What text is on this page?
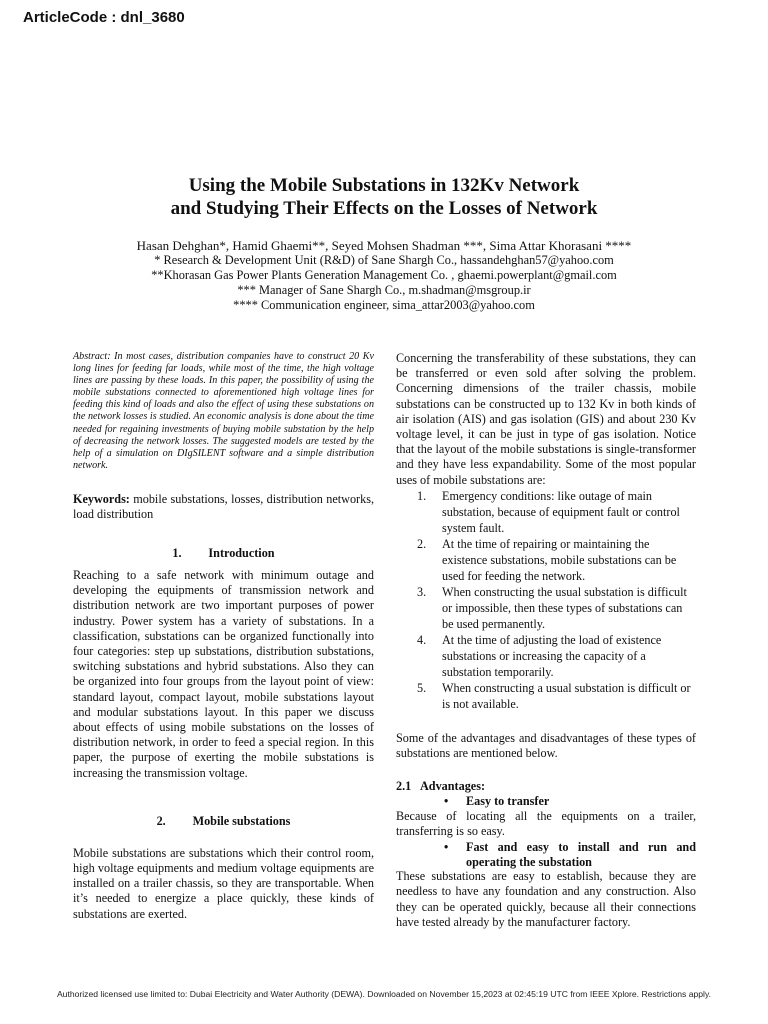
ArticleCode : dnl_3680
Using the Mobile Substations in 132Kv Network
and Studying Their Effects on the Losses of Network
Hasan Dehghan*, Hamid Ghaemi**, Seyed Mohsen Shadman ***, Sima Attar Khorasani ****
* Research & Development Unit (R&D) of Sane Shargh Co., hassandehghan57@yahoo.com
**Khorasan Gas Power Plants Generation Management Co. , ghaemi.powerplant@gmail.com
*** Manager of Sane Shargh Co., m.shadman@msgroup.ir
**** Communication engineer, sima_attar2003@yahoo.com
Abstract: In most cases, distribution companies have to construct 20 Kv long lines for feeding far loads, while most of the time, the high voltage lines are passing by these loads. In this paper, the possibility of using the mobile substations connected to aforementioned high voltage lines for feeding this kind of loads and also the effect of using these substations on the network losses is studied. An economic analysis is done about the time needed for regaining investments of buying mobile substation by the help of decreasing the network losses. The suggested models are tested by the help of a simulation on DIgSILENT software and a simple distribution network.
Keywords: mobile substations, losses, distribution networks, load distribution
1. Introduction
Reaching to a safe network with minimum outage and developing the equipments of transmission network and distribution network are two important purposes of power industry. Power system has a variety of substations. In a classification, substations can be organized functionally into four categories: step up substations, distribution substations, switching substations and hybrid substations. Also they can be organized into four groups from the layout point of view: standard layout, compact layout, mobile substations layout and modular substations layout. In this paper we discuss about effects of using mobile substations on the losses of distribution network, in order to feed a special region. In this paper, the purpose of exerting the mobile substations is increasing the transmission voltage.
2. Mobile substations
Mobile substations are substations which their control room, high voltage equipments and medium voltage equipments are installed on a trailer chassis, so they are transportable. When it’s needed to energize a place quickly, these kinds of substations are exerted.
Concerning the transferability of these substations, they can be transferred or even sold after solving the problem. Concerning dimensions of the trailer chassis, mobile substations can be constructed up to 132 Kv in both kinds of air isolation (AIS) and gas isolation (GIS) and about 230 Kv voltage level, it can be just in type of gas isolation. Notice that the layout of the mobile substations is single-transformer and they have less expandability. Some of the most popular uses of mobile substations are:
1. Emergency conditions: like outage of main substation, because of equipment fault or control system fault.
2. At the time of repairing or maintaining the existence substations, mobile substations can be used for feeding the network.
3. When constructing the usual substation is difficult or impossible, then these types of substations can be used permanently.
4. At the time of adjusting the load of existence substations or increasing the capacity of a substation temporarily.
5. When constructing a usual substation is difficult or is not available.
Some of the advantages and disadvantages of these types of substations are mentioned below.
2.1 Advantages:
• Easy to transfer
Because of locating all the equipments on a trailer, transferring is so easy.
• Fast and easy to install and run and operating the substation
These substations are easy to establish, because they are needless to have any foundation and any construction. Also they can be operated quickly, because all their connections have tested already by the manufacturer factory.
Authorized licensed use limited to: Dubai Electricity and Water Authority (DEWA). Downloaded on November 15,2023 at 02:45:19 UTC from IEEE Xplore. Restrictions apply.
